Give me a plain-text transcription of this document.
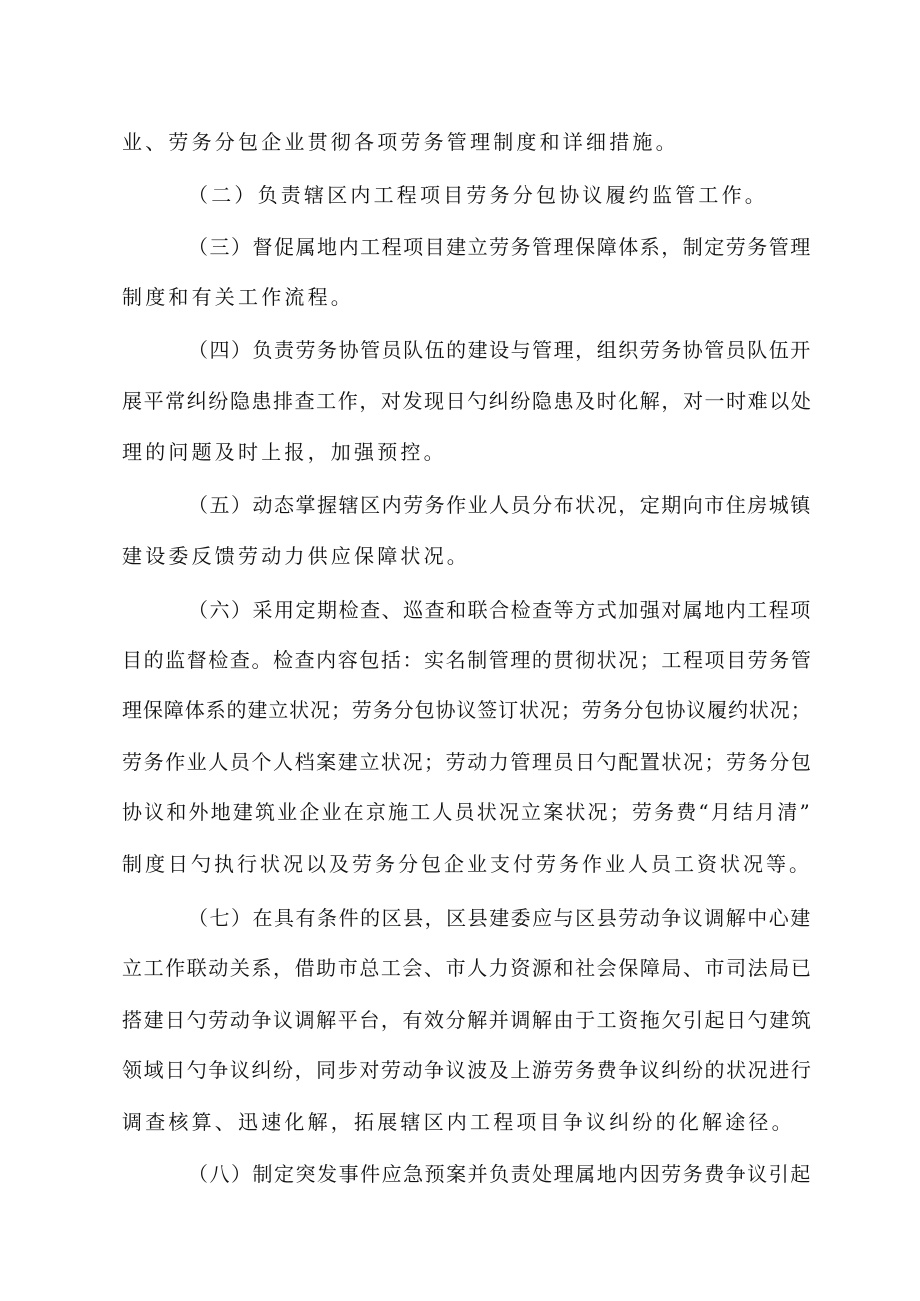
业、劳务分包企业贯彻各项劳务管理制度和详细措施。
（二）负责辖区内工程项目劳务分包协议履约监管工作。
（三）督促属地内工程项目建立劳务管理保障体系，制定劳务管理
制度和有关工作流程。
（四）负责劳务协管员队伍的建设与管理，组织劳务协管员队伍开
展平常纠纷隐患排查工作，对发现日勺纠纷隐患及时化解，对一时难以处
理的问题及时上报，加强预控。
（五）动态掌握辖区内劳务作业人员分布状况，定期向市住房城镇
建设委反馈劳动力供应保障状况。
（六）采用定期检查、巡查和联合检查等方式加强对属地内工程项
目的监督检查。检查内容包括：实名制管理的贯彻状况；工程项目劳务管
理保障体系的建立状况；劳务分包协议签订状况；劳务分包协议履约状况；
劳务作业人员个人档案建立状况；劳动力管理员日勺配置状况；劳务分包
协议和外地建筑业企业在京施工人员状况立案状况；劳务费“月结月清”
制度日勺执行状况以及劳务分包企业支付劳务作业人员工资状况等。
（七）在具有条件的区县，区县建委应与区县劳动争议调解中心建
立工作联动关系，借助市总工会、市人力资源和社会保障局、市司法局已
搭建日勺劳动争议调解平台，有效分解并调解由于工资拖欠引起日勺建筑
领域日勺争议纠纷，同步对劳动争议波及上游劳务费争议纠纷的状况进行
调查核算、迅速化解，拓展辖区内工程项目争议纠纷的化解途径。
（八）制定突发事件应急预案并负责处理属地内因劳务费争议引起
